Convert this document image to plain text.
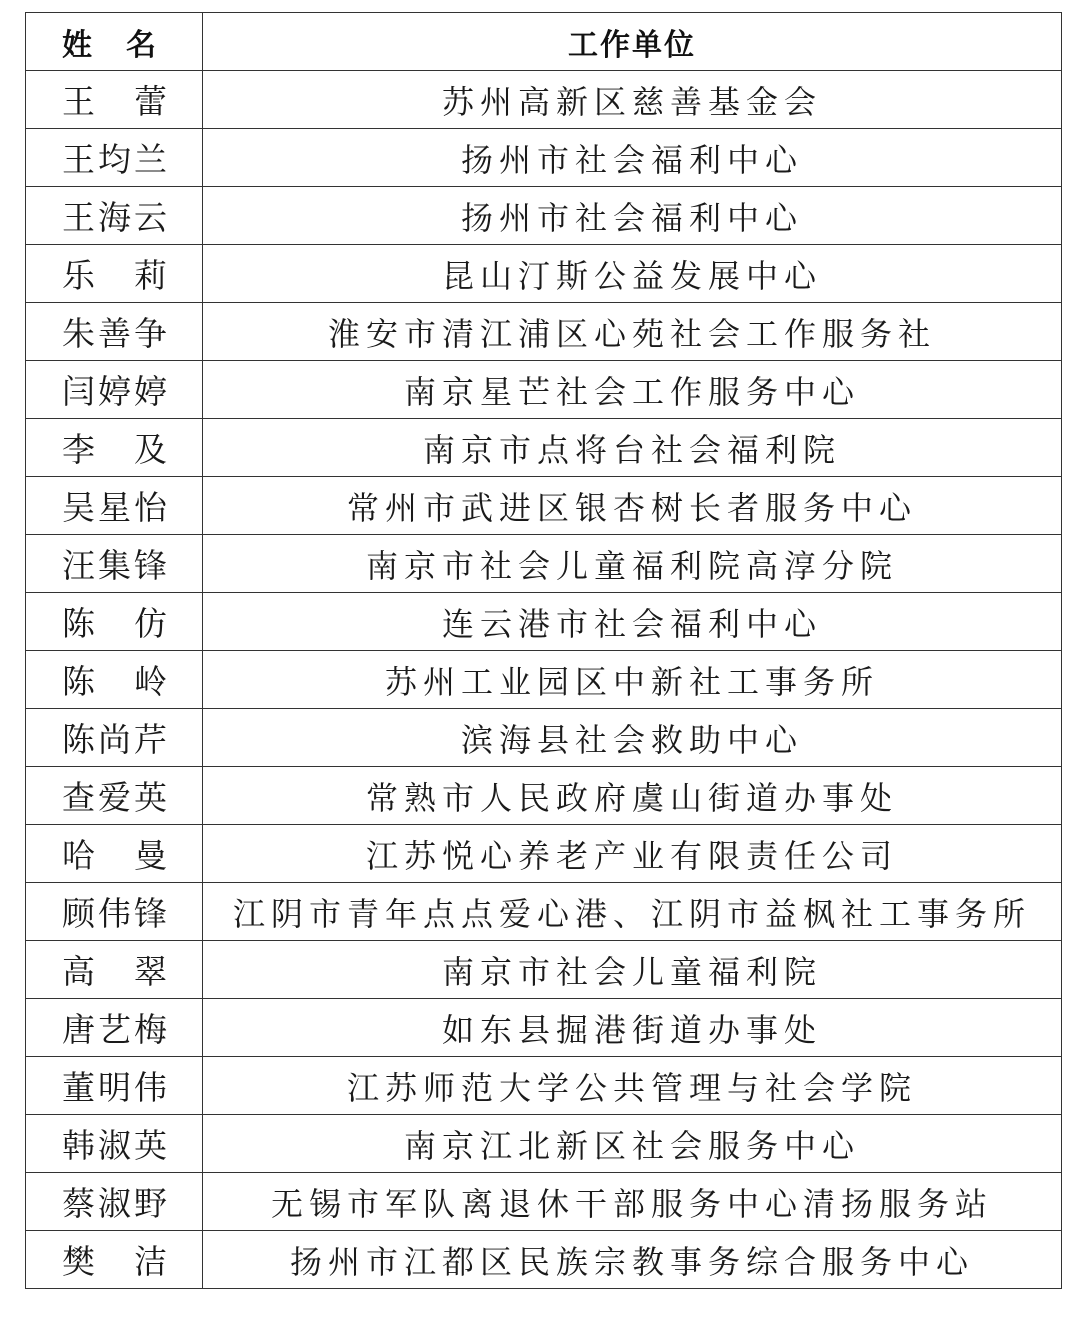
姓　名	工作单位
王　蕾	苏州高新区慈善基金会
王均兰	扬州市社会福利中心
王海云	扬州市社会福利中心
乐　莉	昆山汀斯公益发展中心
朱善争	淮安市清江浦区心苑社会工作服务社
闫婷婷	南京星芒社会工作服务中心
李　及	南京市点将台社会福利院
吴星怡	常州市武进区银杏树长者服务中心
汪集锋	南京市社会儿童福利院高淳分院
陈　仿	连云港市社会福利中心
陈　岭	苏州工业园区中新社工事务所
陈尚芹	滨海县社会救助中心
查爱英	常熟市人民政府虞山街道办事处
哈　曼	江苏悦心养老产业有限责任公司
顾伟锋	江阴市青年点点爱心港、江阴市益枫社工事务所
高　翠	南京市社会儿童福利院
唐艺梅	如东县掘港街道办事处
董明伟	江苏师范大学公共管理与社会学院
韩淑英	南京江北新区社会服务中心
蔡淑野	无锡市军队离退休干部服务中心清扬服务站
樊　洁	扬州市江都区民族宗教事务综合服务中心
